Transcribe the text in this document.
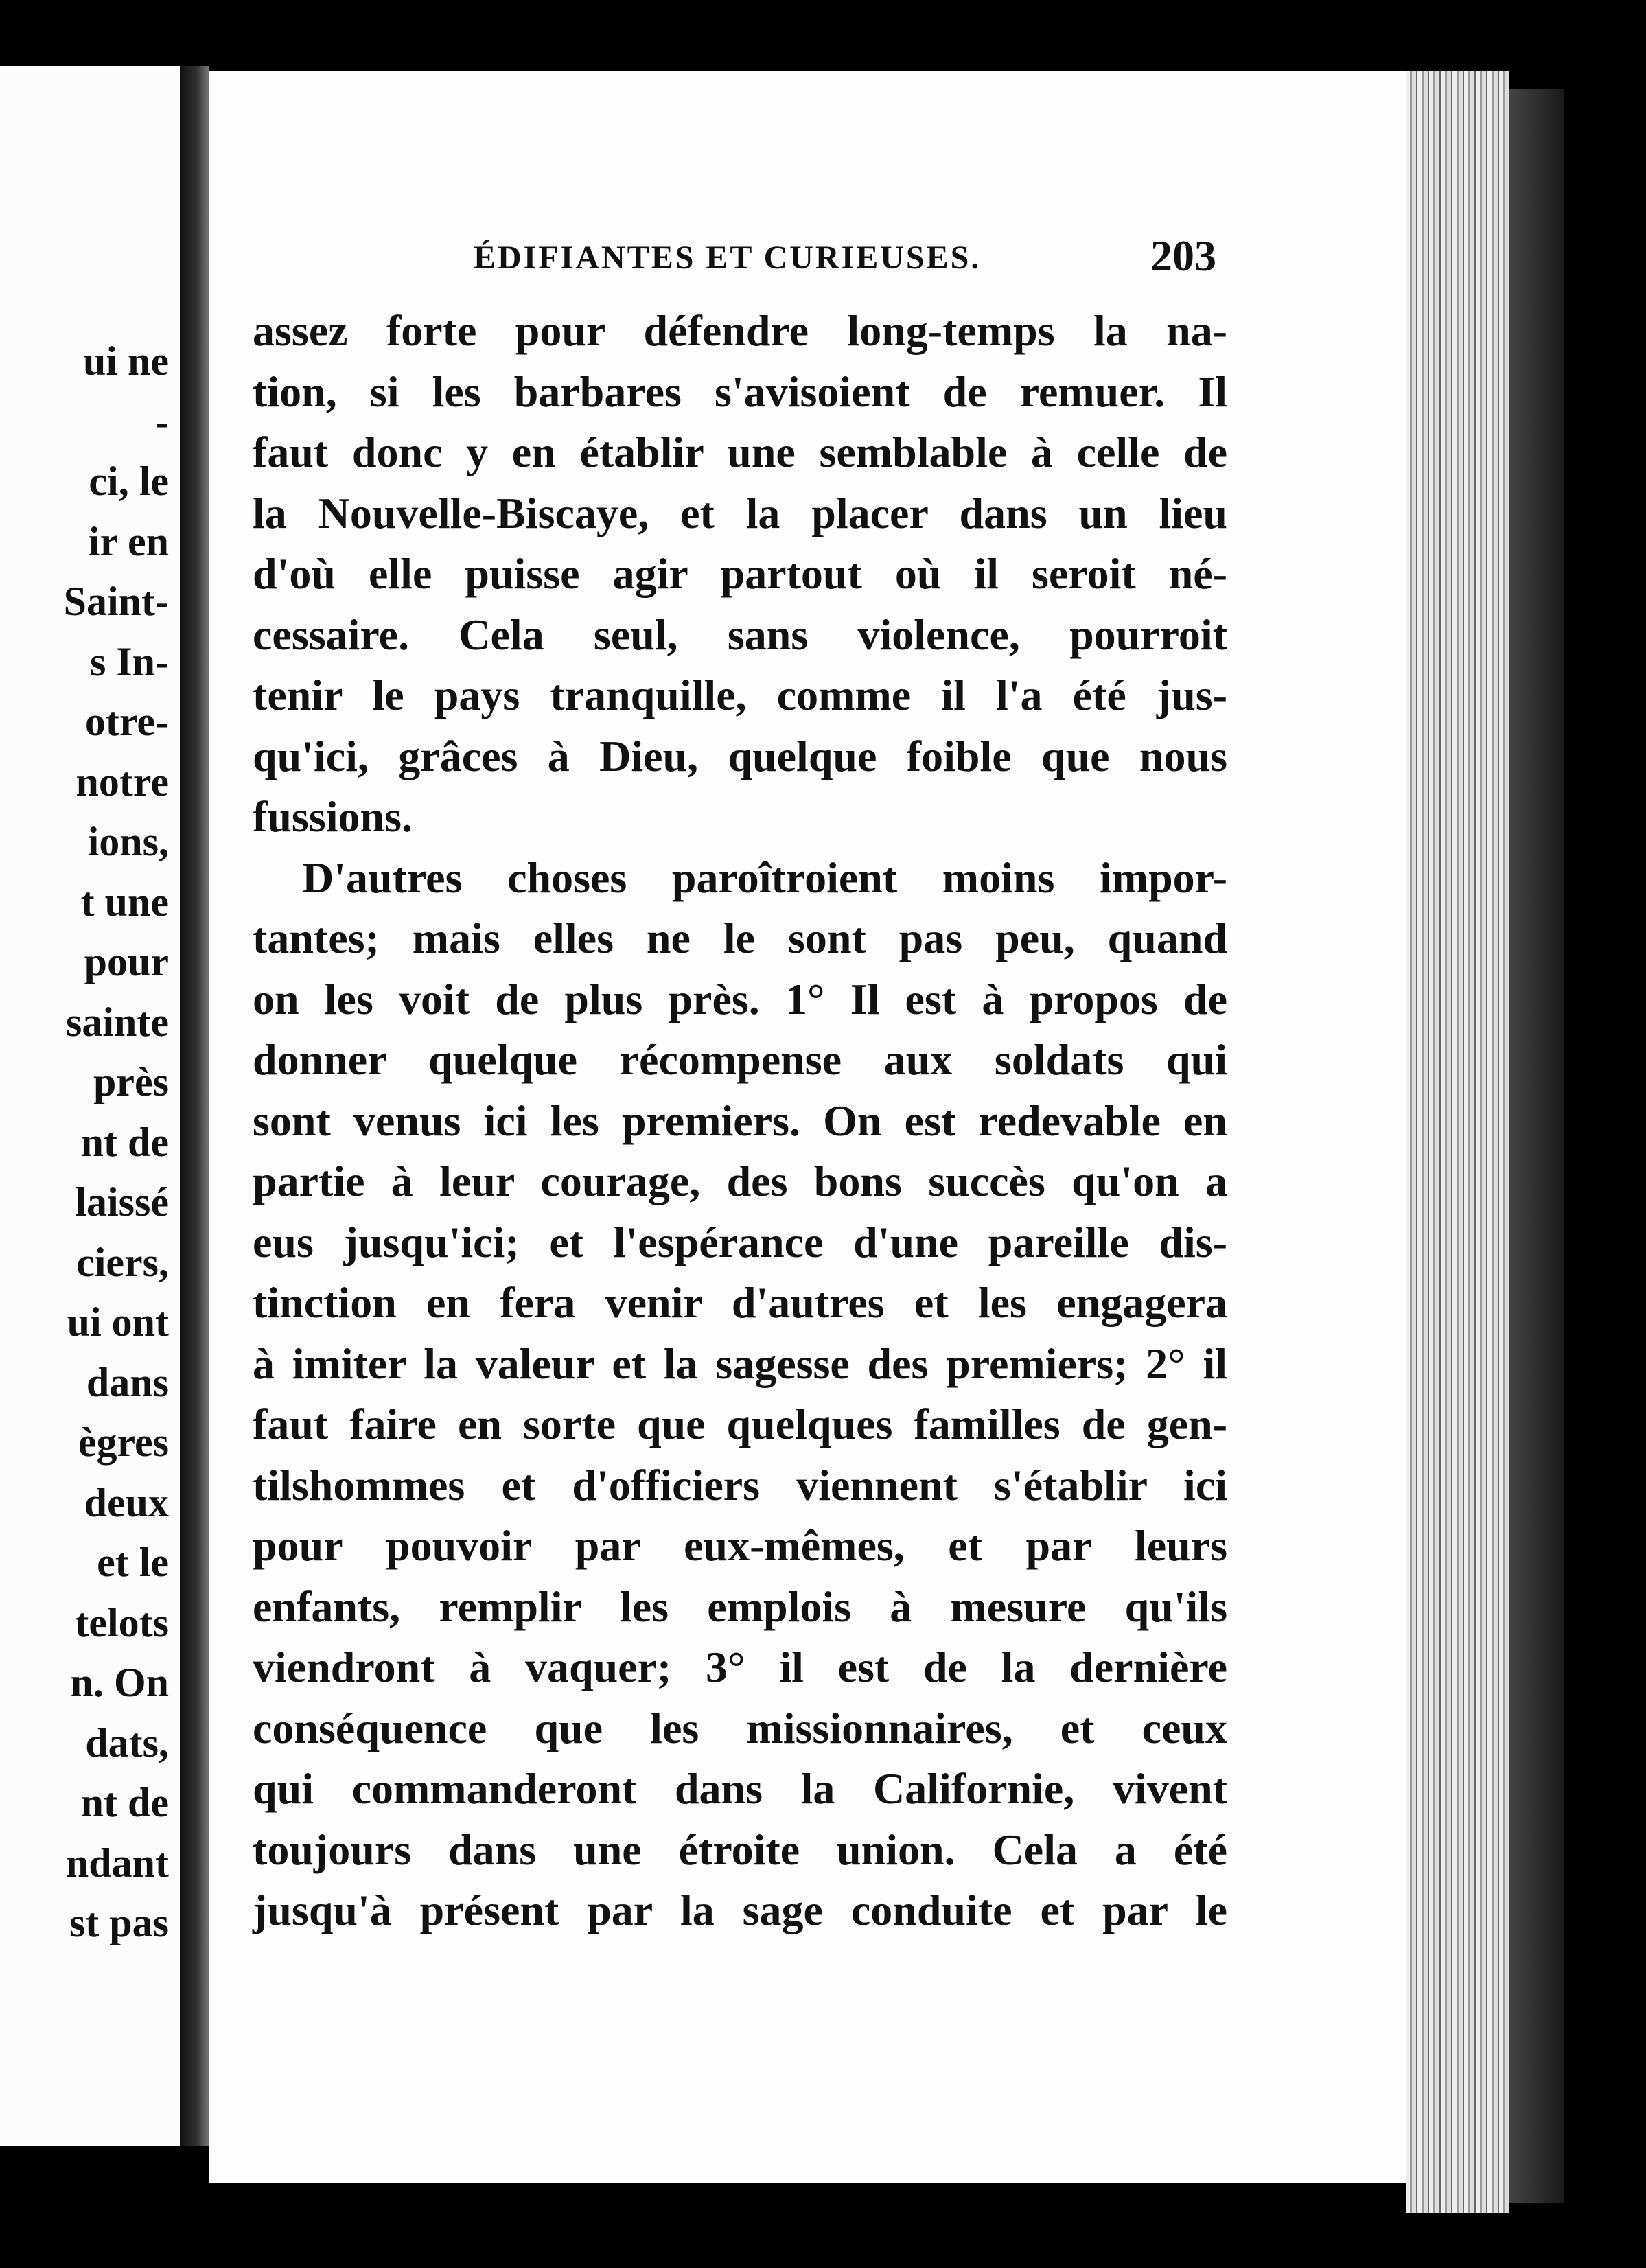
ui ne
-
ci, le
ir en
Saint-
s In-
otre-
notre
ions,
t une
pour
sainte
près
nt de
laissé
ciers,
ui ont
dans
ègres
deux
et le
telots
n. On
dats,
nt de
ndant
st pas
ÉDIFIANTES ET CURIEUSES.	203
assez forte pour défendre long-temps la na-
tion, si les barbares s'avisoient de remuer. Il
faut donc y en établir une semblable à celle de
la Nouvelle-Biscaye, et la placer dans un lieu
d'où elle puisse agir partout où il seroit né-
cessaire. Cela seul, sans violence, pourroit
tenir le pays tranquille, comme il l'a été jus-
qu'ici, grâces à Dieu, quelque foible que nous
fussions.
D'autres choses paroîtroient moins impor-
tantes; mais elles ne le sont pas peu, quand
on les voit de plus près. 1° Il est à propos de
donner quelque récompense aux soldats qui
sont venus ici les premiers. On est redevable en
partie à leur courage, des bons succès qu'on a
eus jusqu'ici; et l'espérance d'une pareille dis-
tinction en fera venir d'autres et les engagera
à imiter la valeur et la sagesse des premiers; 2° il
faut faire en sorte que quelques familles de gen-
tilshommes et d'officiers viennent s'établir ici
pour pouvoir par eux-mêmes, et par leurs
enfants, remplir les emplois à mesure qu'ils
viendront à vaquer; 3° il est de la dernière
conséquence que les missionnaires, et ceux
qui commanderont dans la Californie, vivent
toujours dans une étroite union. Cela a été
jusqu'à présent par la sage conduite et par le
